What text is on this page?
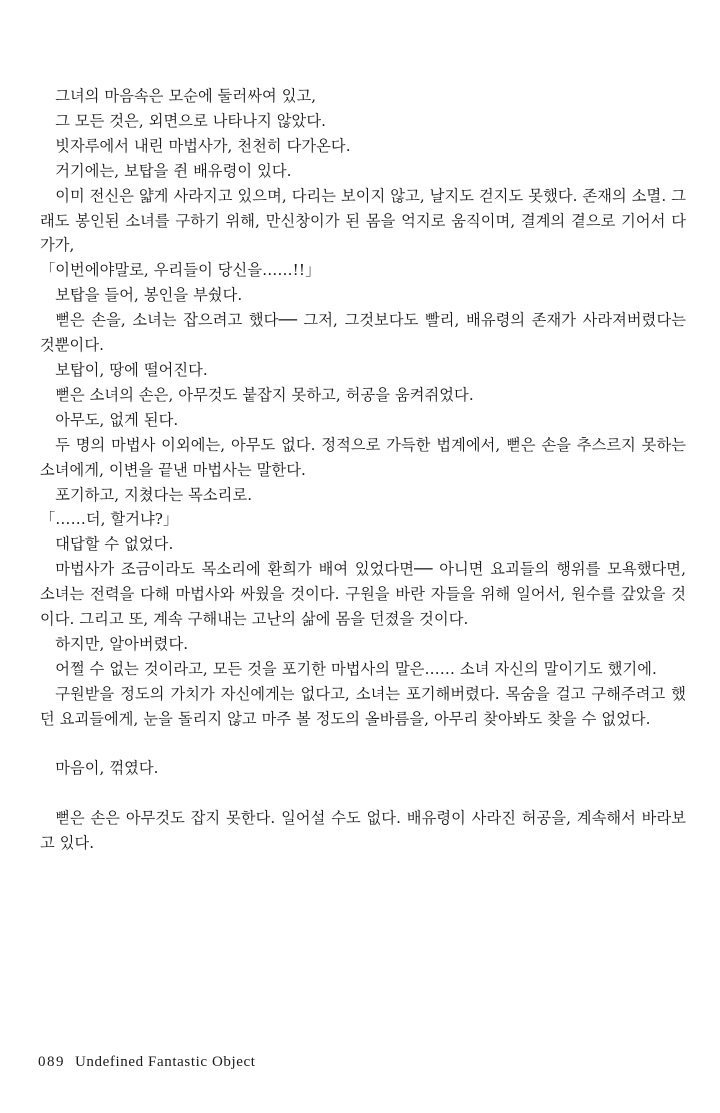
그녀의 마음속은 모순에 둘러싸여 있고,

그 모든 것은, 외면으로 나타나지 않았다.

빗자루에서 내린 마법사가, 천천히 다가온다.

거기에는, 보탑을 쥔 배유령이 있다.

이미 전신은 얇게 사라지고 있으며, 다리는 보이지 않고, 날지도 걷지도 못했다. 존재의 소멸. 그래도 봉인된 소녀를 구하기 위해, 만신창이가 된 몸을 억지로 움직이며, 결계의 곁으로 기어서 다가가,

「이번에야말로, 우리들이 당신을……!!」

보탑을 들어, 봉인을 부쉈다.

뻗은 손을, 소녀는 잡으려고 했다── 그저, 그것보다도 빨리, 배유령의 존재가 사라져버렸다는 것뿐이다.

보탑이, 땅에 떨어진다.

뻗은 소녀의 손은, 아무것도 붙잡지 못하고, 허공을 움켜쥐었다.

아무도, 없게 된다.

두 명의 마법사 이외에는, 아무도 없다. 정적으로 가득한 법계에서, 뻗은 손을 추스르지 못하는 소녀에게, 이변을 끝낸 마법사는 말한다.

포기하고, 지쳤다는 목소리로.

「……더, 할거냐?」

대답할 수 없었다.

마법사가 조금이라도 목소리에 환희가 배여 있었다면── 아니면 요괴들의 행위를 모욕했다면, 소녀는 전력을 다해 마법사와 싸웠을 것이다. 구원을 바란 자들을 위해 일어서, 원수를 갚았을 것이다. 그리고 또, 계속 구해내는 고난의 삶에 몸을 던졌을 것이다.

하지만, 알아버렸다.

어쩔 수 없는 것이라고, 모든 것을 포기한 마법사의 말은…… 소녀 자신의 말이기도 했기에.

구원받을 정도의 가치가 자신에게는 없다고, 소녀는 포기해버렸다. 목숨을 걸고 구해주려고 했던 요괴들에게, 눈을 돌리지 않고 마주 볼 정도의 올바름을, 아무리 찾아봐도 찾을 수 없었다.

마음이, 꺾였다.

뻗은 손은 아무것도 잡지 못한다. 일어설 수도 없다. 배유령이 사라진 허공을, 계속해서 바라보고 있다.

089 Undefined Fantastic Object
